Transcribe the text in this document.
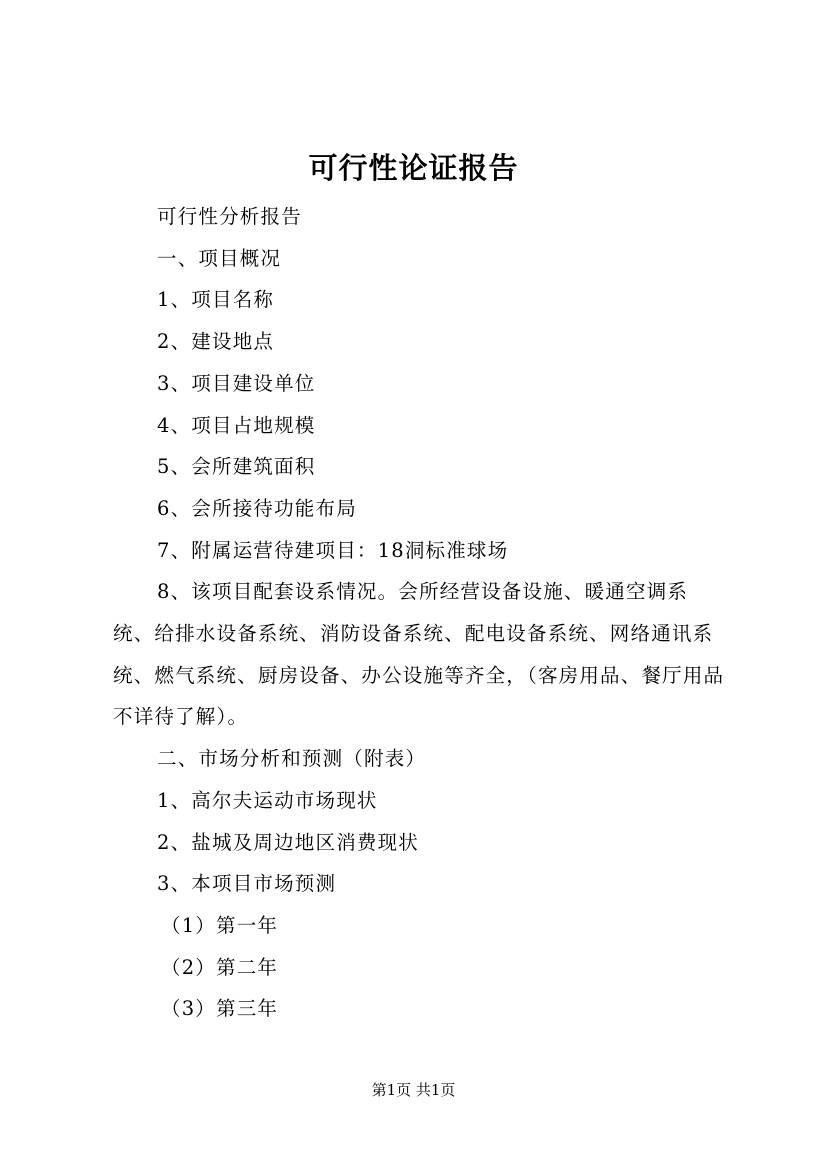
可行性论证报告

可行性分析报告

一、项目概况

1、项目名称

2、建设地点

3、项目建设单位

4、项目占地规模

5、会所建筑面积

6、会所接待功能布局

7、附属运营待建项目：18洞标准球场

8、该项目配套设系情况。会所经营设备设施、暖通空调系统、给排水设备系统、消防设备系统、配电设备系统、网络通讯系统、燃气系统、厨房设备、办公设施等齐全，（客房用品、餐厅用品不详待了解）。

二、市场分析和预测（附表）

1、高尔夫运动市场现状

2、盐城及周边地区消费现状

3、本项目市场预测

（1）第一年

（2）第二年

（3）第三年

第1页 共1页
